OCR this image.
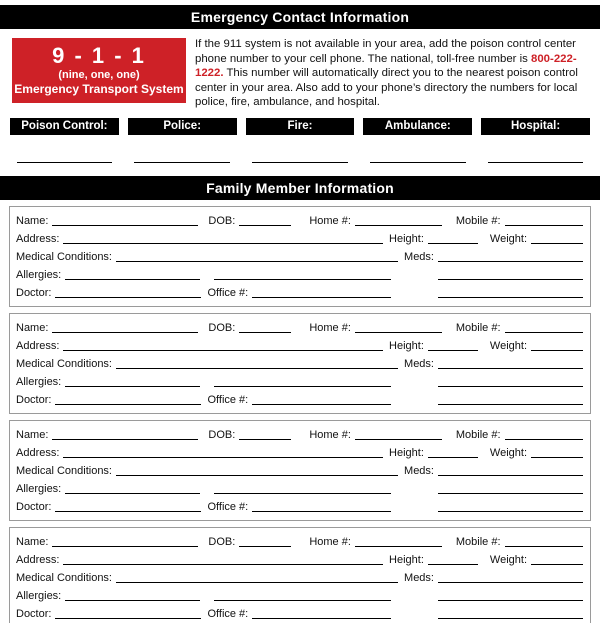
Emergency Contact Information
9 - 1 - 1
(nine, one, one)
Emergency Transport System
If the 911 system is not available in your area, add the poison control center phone number to your cell phone. The national, toll-free number is 800-222-1222. This number will automatically direct you to the nearest poison control center in your area. Also add to your phone’s directory the numbers for local police, fire, ambulance, and hospital.
Poison Control:	Police:	Fire:	Ambulance:	Hospital:
Family Member Information
Name:	DOB:	Home #:	Mobile #:
Address:	Height:	Weight:
Medical Conditions:	Meds:
Allergies:
Doctor:	Office #:
Name:	DOB:	Home #:	Mobile #:
Address:	Height:	Weight:
Medical Conditions:	Meds:
Allergies:
Doctor:	Office #:
Name:	DOB:	Home #:	Mobile #:
Address:	Height:	Weight:
Medical Conditions:	Meds:
Allergies:
Doctor:	Office #:
Name:	DOB:	Home #:	Mobile #:
Address:	Height:	Weight:
Medical Conditions:	Meds:
Allergies:
Doctor:	Office #:
